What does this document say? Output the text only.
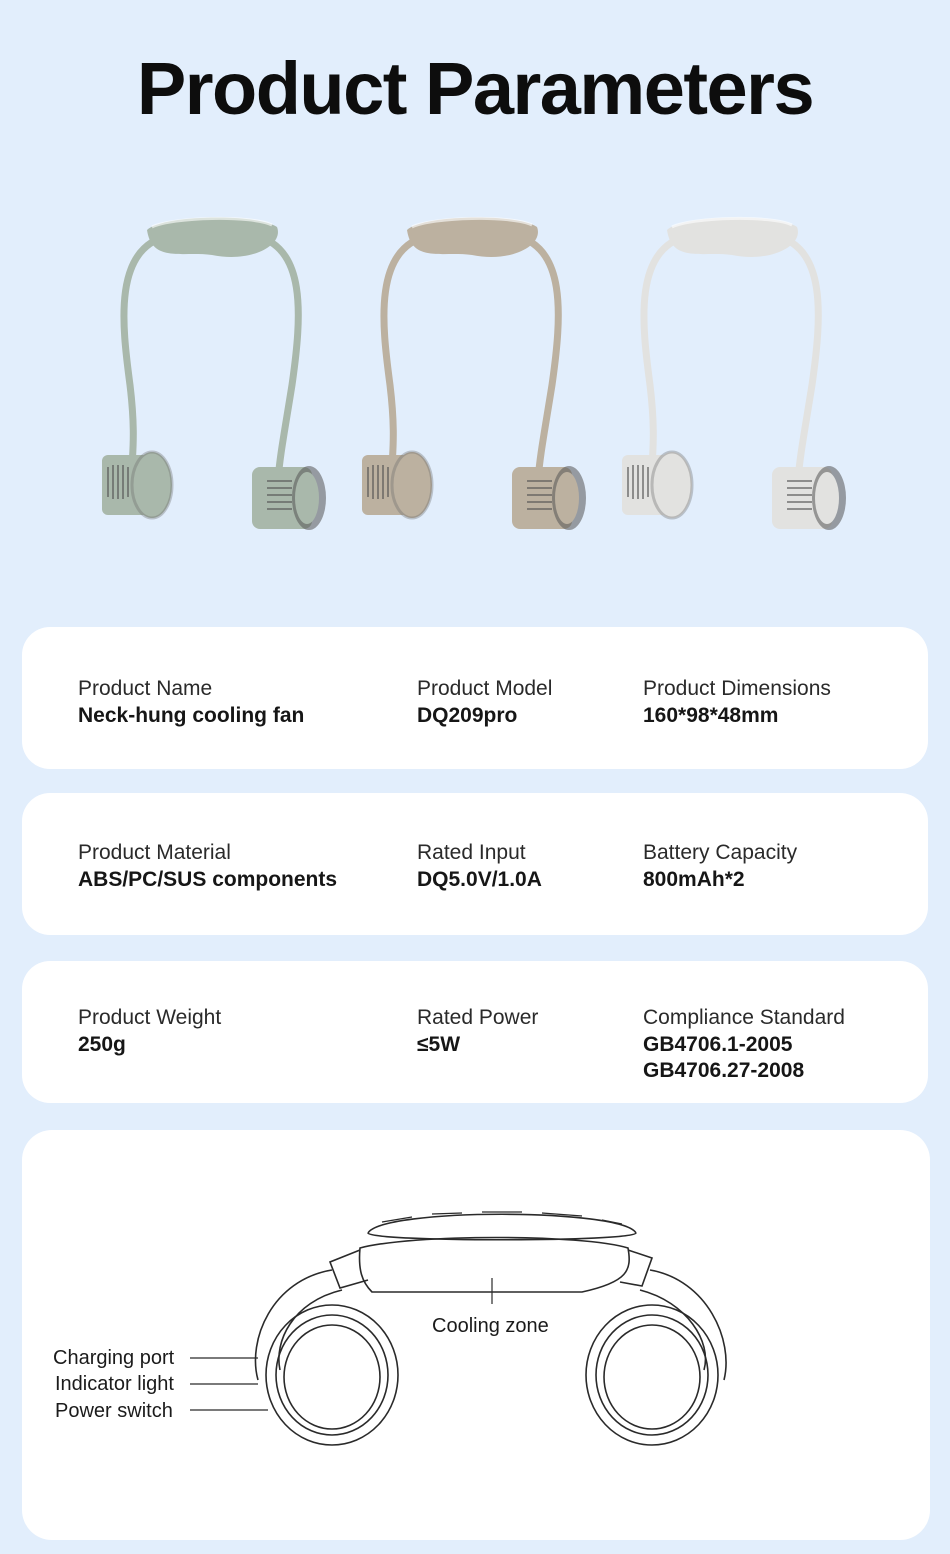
Product Parameters
Product Name
Neck-hung cooling fan
Product Model
DQ209pro
Product Dimensions
160*98*48mm
Product Material
ABS/PC/SUS components
Rated Input
DQ5.0V/1.0A
Battery Capacity
800mAh*2
Product Weight
250g
Rated Power
≤5W
Compliance Standard
GB4706.1-2005
GB4706.27-2008
Cooling zone
Charging port
Indicator light
Power switch
